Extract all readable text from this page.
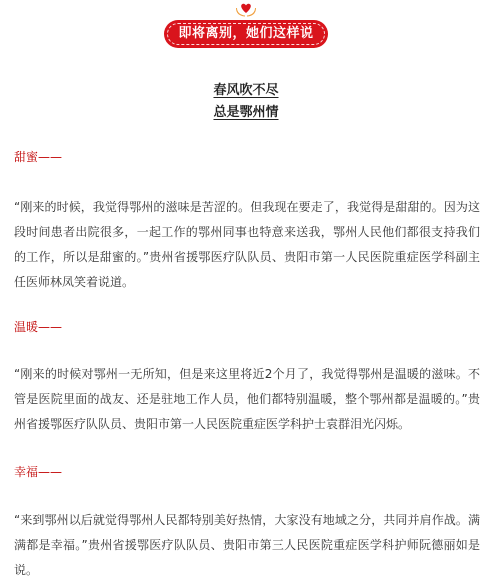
即将离别，她们这样说
春风吹不尽
总是鄂州情
甜蜜——
“刚来的时候，我觉得鄂州的滋味是苦涩的。但我现在要走了，我觉得是甜甜的。因为这段时间患者出院很多，一起工作的鄂州同事也特意来送我，鄂州人民他们都很支持我们的工作，所以是甜蜜的。”贵州省援鄂医疗队队员、贵阳市第一人民医院重症医学科副主任医师林凤笑着说道。
温暖——
“刚来的时候对鄂州一无所知，但是来这里将近2个月了，我觉得鄂州是温暖的滋味。不管是医院里面的战友、还是驻地工作人员，他们都特别温暖，整个鄂州都是温暖的。”贵州省援鄂医疗队队员、贵阳市第一人民医院重症医学科护士袁群泪光闪烁。
幸福——
“来到鄂州以后就觉得鄂州人民都特别美好热情，大家没有地域之分，共同并肩作战。满满都是幸福。”贵州省援鄂医疗队队员、贵阳市第三人民医院重症医学科护师阮德丽如是说。
